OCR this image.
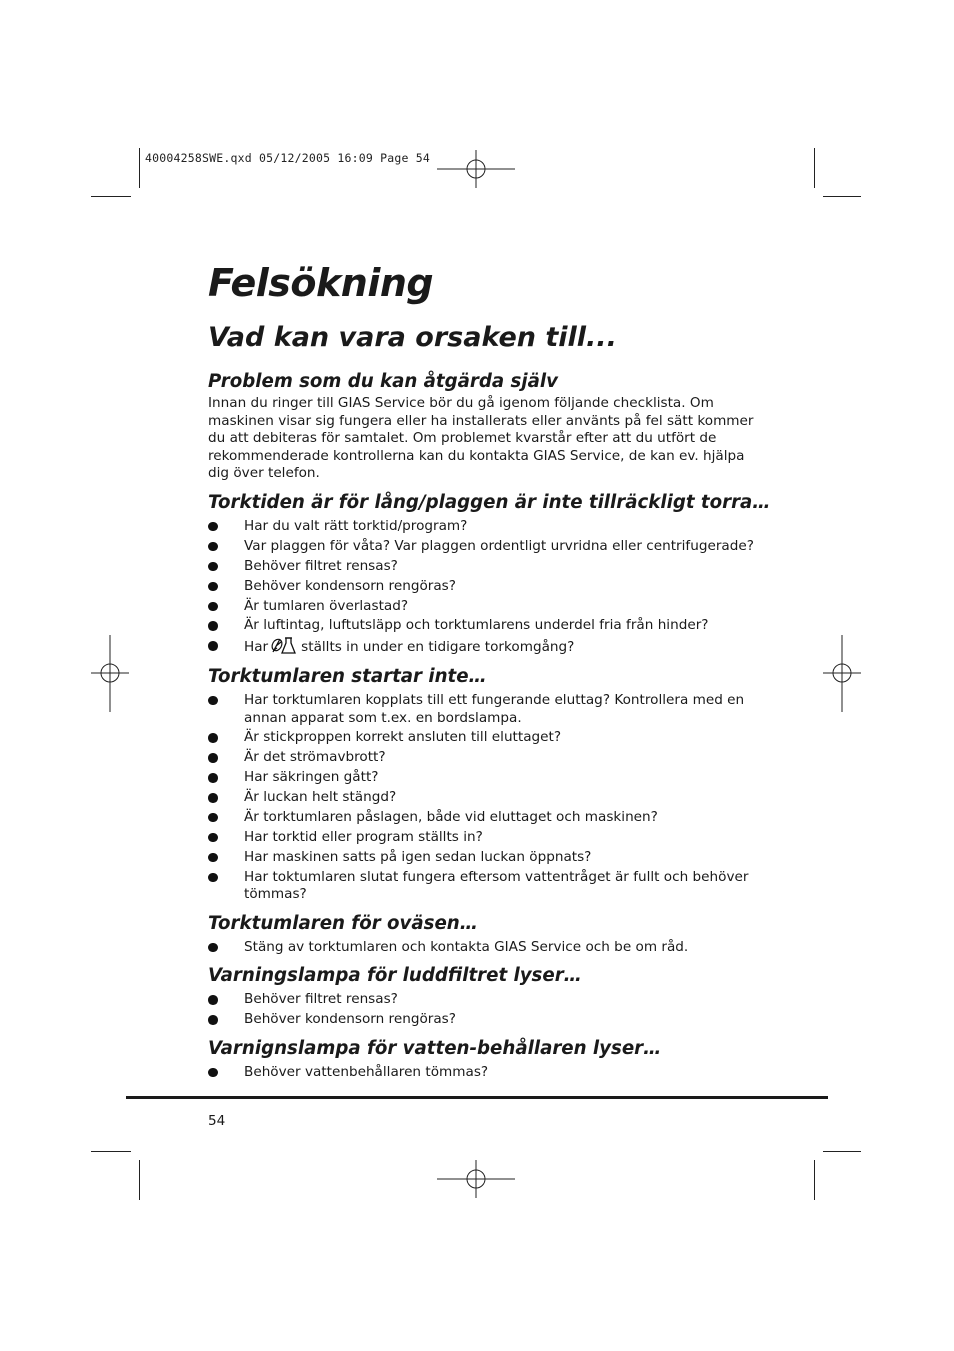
40004258SWE.qxd 05/12/2005 16:09 Page 54
Felsökning
Vad kan vara orsaken till...
Problem som du kan åtgärda själv

Innan du ringer till GIAS Service bör du gå igenom följande checklista. Om maskinen visar sig fungera eller ha installerats eller använts på fel sätt kommer du att debiteras för samtalet. Om problemet kvarstår efter att du utfört de rekommenderade kontrollerna kan du kontakta GIAS Service, de kan ev. hjälpa dig över telefon.

Torktiden är för lång/plaggen är inte tillräckligt torra…
Har du valt rätt torktid/program?
Var plaggen för våta? Var plaggen ordentligt urvridna eller centrifugerade?
Behöver filtret rensas?
Behöver kondensorn rengöras?
Är tumlaren överlastad?
Är luftintag, luftutsläpp och torktumlarens underdel fria från hinder?
Har ställts in under en tidigare torkomgång?
Torktumlaren startar inte…
Har torktumlaren kopplats till ett fungerande eluttag? Kontrollera med en annan apparat som t.ex. en bordslampa.
Är stickproppen korrekt ansluten till eluttaget?
Är det strömavbrott?
Har säkringen gått?
Är luckan helt stängd?
Är torktumlaren påslagen, både vid eluttaget och maskinen?
Har torktid eller program ställts in?
Har maskinen satts på igen sedan luckan öppnats?
Har toktumlaren slutat fungera eftersom vattentråget är fullt och behöver tömmas?
Torktumlaren för oväsen…
Stäng av torktumlaren och kontakta GIAS Service och be om råd.
Varningslampa för luddfiltret lyser…
Behöver filtret rensas?
Behöver kondensorn rengöras?
Varnignslampa för vatten-behållaren lyser…
Behöver vattenbehållaren tömmas?
54
